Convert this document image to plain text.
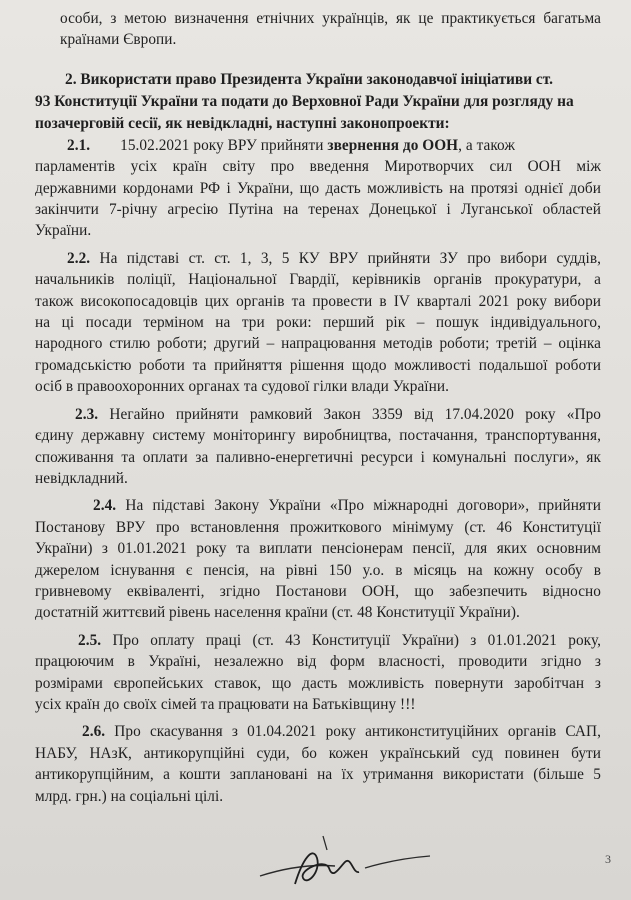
особи, з метою визначення етнічних українців, як це практикується багатьма
країнами Європи.
2. Використати право Президента України законодавчої ініціативи ст.
93 Конституції України та подати до Верховної Ради України для розгляду на
позачерговій сесії, як невідкладні, наступні законопроекти:
2.1. 15.02.2021 року ВРУ прийняти звернення до ООН, а також
парламентів усіх країн світу про введення Миротворчих сил ООН між
державними кордонами РФ і України, що дасть можливість на протязі однієї доби
закінчити 7-річну агресію Путіна на теренах Донецької і Луганської областей
України.
2.2. На підставі ст. ст. 1, 3, 5 КУ ВРУ прийняти ЗУ про вибори суддів,
начальників поліції, Національної Гвардії, керівників органів прокуратури, а
також високопосадовців цих органів та провести в IV кварталі 2021 року вибори
на ці посади терміном на три роки: перший рік – пошук індивідуального,
народного стилю роботи; другий – напрацювання методів роботи; третій – оцінка
громадськістю роботи та прийняття рішення щодо можливості подальшої роботи
осіб в правоохоронних органах та судової гілки влади України.
2.3. Негайно прийняти рамковий Закон 3359 від 17.04.2020 року «Про
єдину державну систему моніторингу виробництва, постачання, транспортування,
споживання та оплати за паливно-енергетичні ресурси і комунальні послуги», як
невідкладний.
2.4. На підставі Закону України «Про міжнародні договори», прийняти
Постанову ВРУ про встановлення прожиткового мінімуму (ст. 46 Конституції
України) з 01.01.2021 року та виплати пенсіонерам пенсії, для яких основним
джерелом існування є пенсія, на рівні 150 у.о. в місяць на кожну особу в
гривневому еквіваленті, згідно Постанови ООН, що забезпечить відносно
достатній життєвий рівень населення країни (ст. 48 Конституції України).
2.5. Про оплату праці (ст. 43 Конституції України) з 01.01.2021 року,
працюючим в Україні, незалежно від форм власності, проводити згідно з
розмірами європейських ставок, що дасть можливість повернути заробітчан з
усіх країн до своїх сімей та працювати на Батьківщину !!!
2.6. Про скасування з 01.04.2021 року антиконституційних органів САП,
НАБУ, НАзК, антикорупційні суди, бо кожен український суд повинен бути
антикорупційним, а кошти заплановані на їх утримання використати (більше 5
млрд. грн.) на соціальні цілі.
3
